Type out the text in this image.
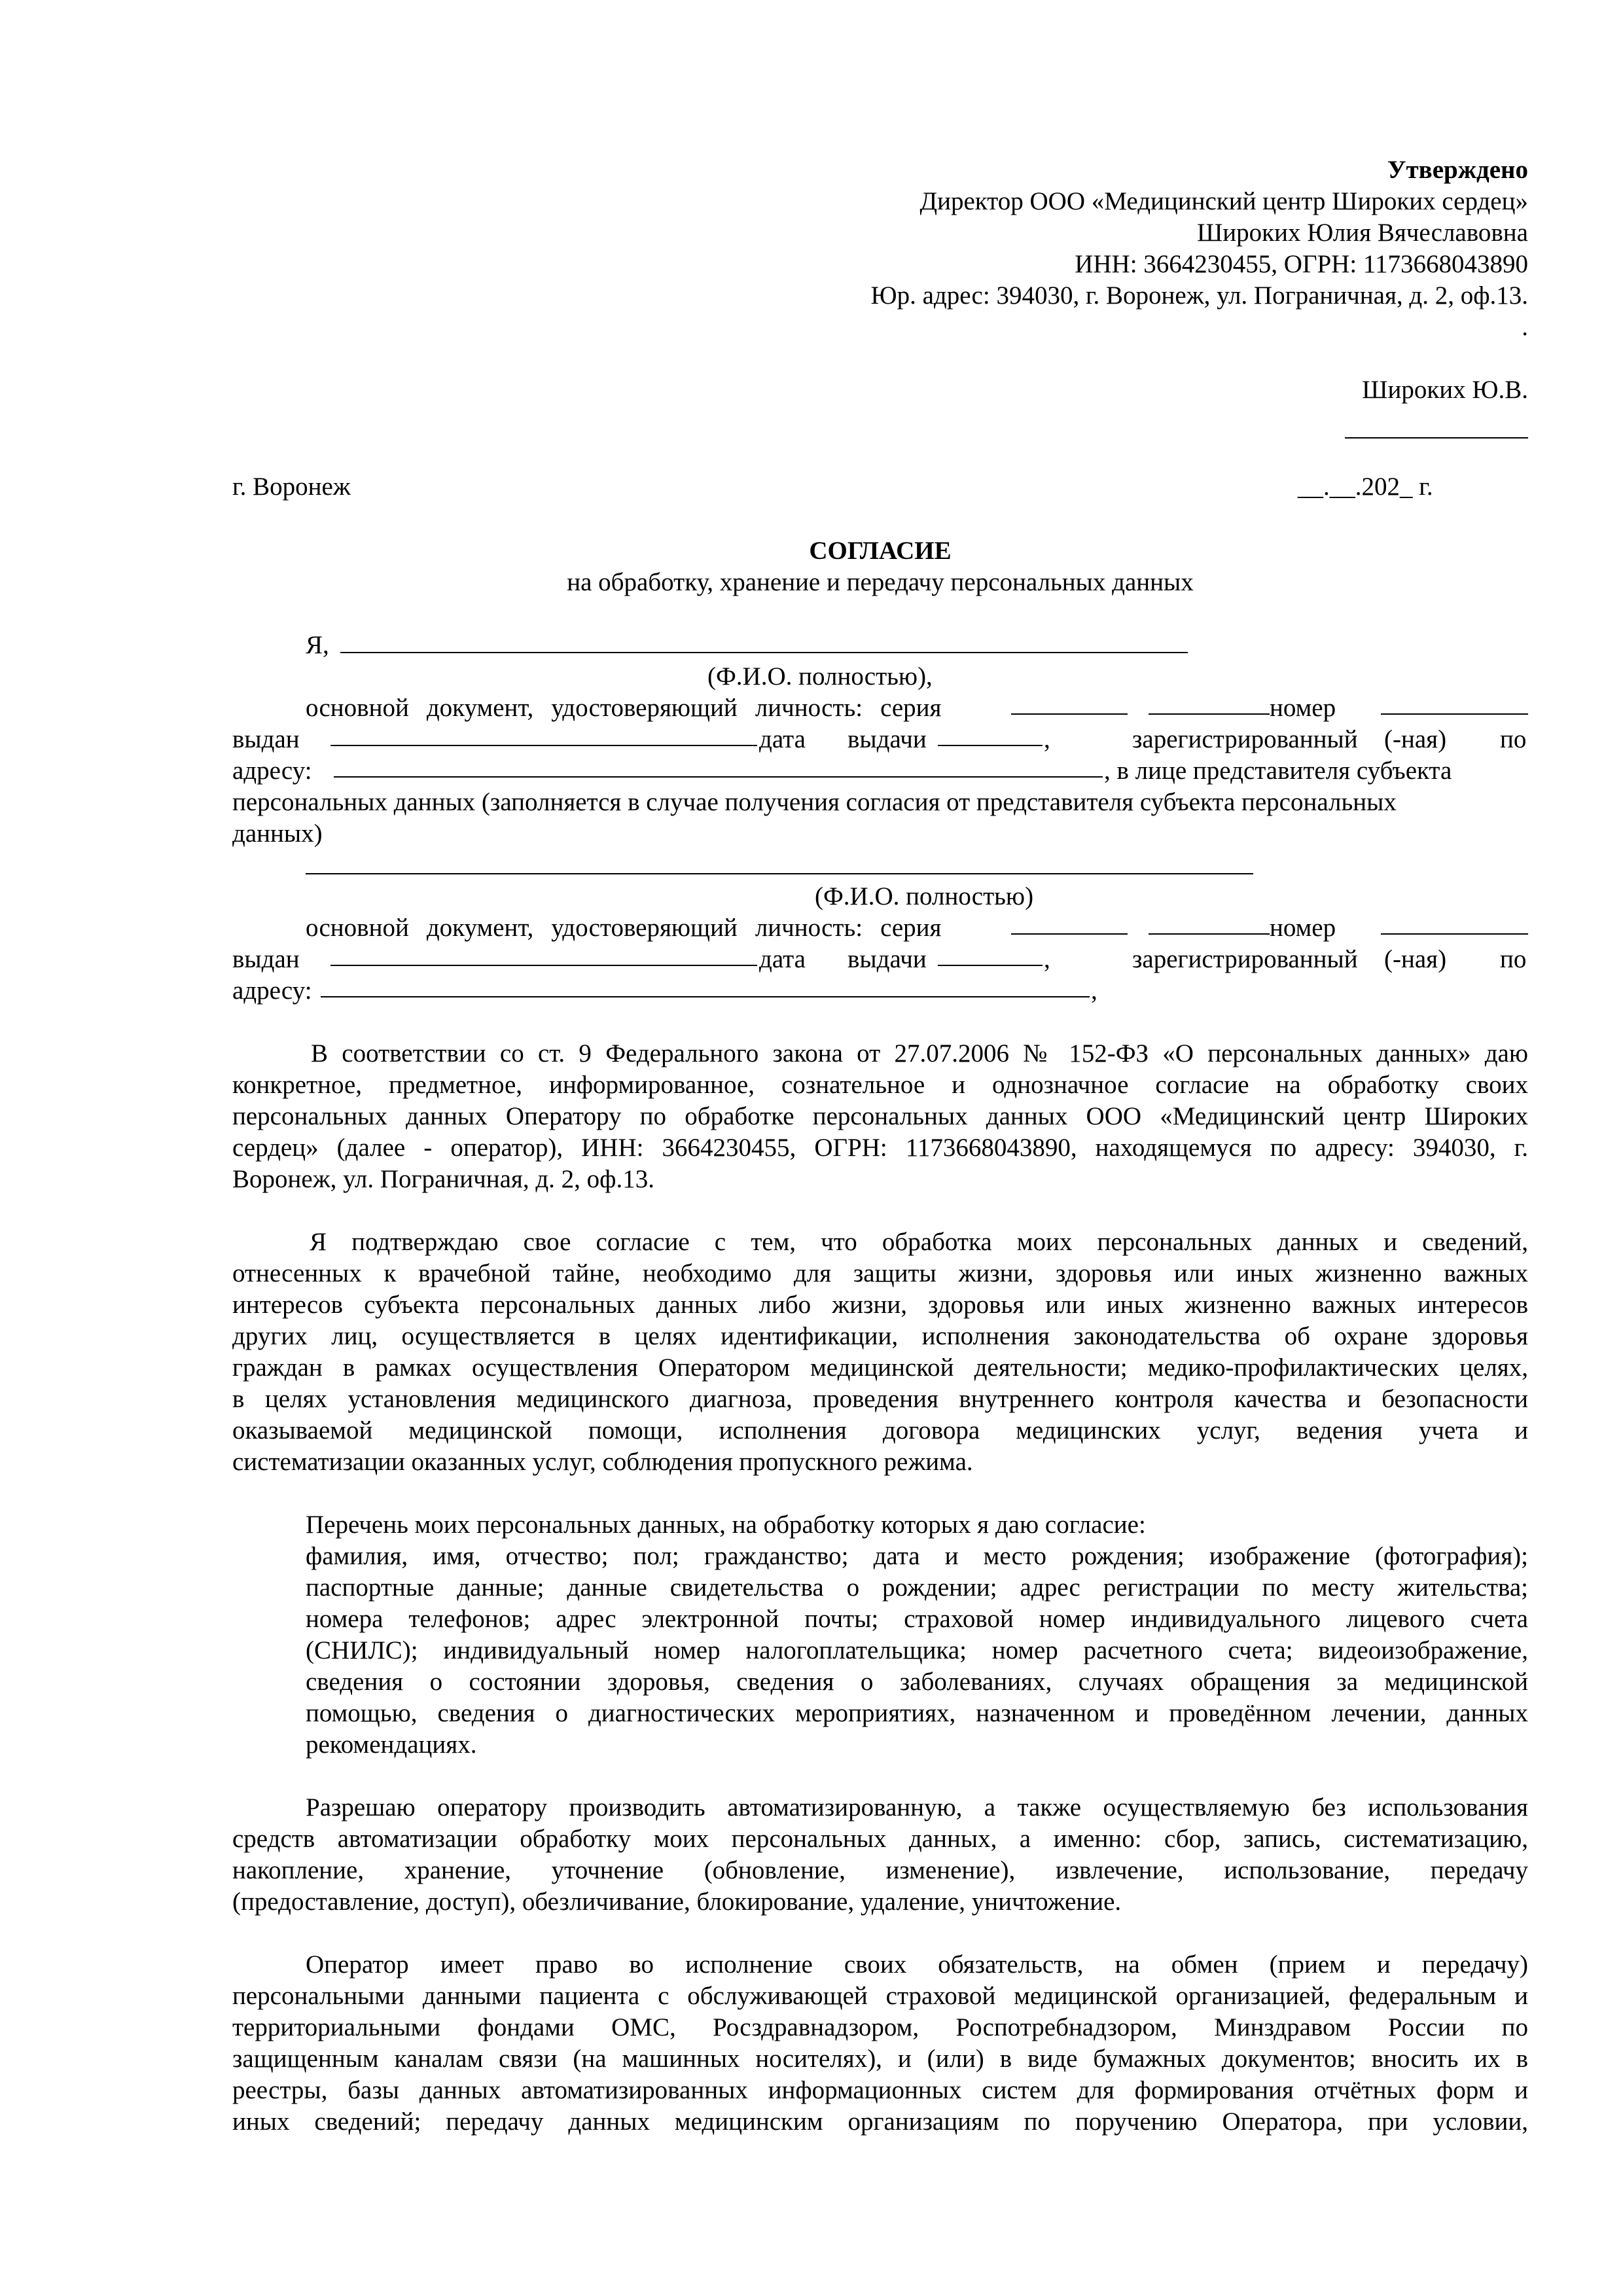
Утверждено
Директор ООО «Медицинский центр Широких сердец»
Широких Юлия Вячеславовна
ИНН: 3664230455, ОГРН: 1173668043890
Юр. адрес: 394030, г. Воронеж, ул. Пограничная, д. 2, оф.13.
.
Широких Ю.В.
г. Воронеж	__.__.202_ г.
СОГЛАСИЕ
на обработку, хранение и передачу персональных данных
Я,
(Ф.И.О. полностью),
основной документ, удостоверяющий личность: серия	номер
выдан	дата выдачи	,	зарегистрированный (-ная) по
адресу:	, в лице представителя субъекта
персональных данных (заполняется в случае получения согласия от представителя субъекта персональных
данных)
(Ф.И.О. полностью)
основной документ, удостоверяющий личность: серия	номер
выдан	дата выдачи	,	зарегистрированный (-ная) по
адресу:	,
В соответствии со ст. 9 Федерального закона от 27.07.2006 № 152-ФЗ «О персональных данных» даю
конкретное, предметное, информированное, сознательное и однозначное согласие на обработку своих
персональных данных Оператору по обработке персональных данных ООО «Медицинский центр Широких
сердец» (далее - оператор), ИНН: 3664230455, ОГРН: 1173668043890, находящемуся по адресу: 394030, г.
Воронеж, ул. Пограничная, д. 2, оф.13.
Я подтверждаю свое согласие с тем, что обработка моих персональных данных и сведений,
отнесенных к врачебной тайне, необходимо для защиты жизни, здоровья или иных жизненно важных
интересов субъекта персональных данных либо жизни, здоровья или иных жизненно важных интересов
других лиц, осуществляется в целях идентификации, исполнения законодательства об охране здоровья
граждан в рамках осуществления Оператором медицинской деятельности; медико-профилактических целях,
в целях установления медицинского диагноза, проведения внутреннего контроля качества и безопасности
оказываемой медицинской помощи, исполнения договора медицинских услуг, ведения учета и
систематизации оказанных услуг, соблюдения пропускного режима.
Перечень моих персональных данных, на обработку которых я даю согласие:
фамилия, имя, отчество; пол; гражданство; дата и место рождения; изображение (фотография);
паспортные данные; данные свидетельства о рождении; адрес регистрации по месту жительства;
номера телефонов; адрес электронной почты; страховой номер индивидуального лицевого счета
(СНИЛС); индивидуальный номер налогоплательщика; номер расчетного счета; видеоизображение,
сведения о состоянии здоровья, сведения о заболеваниях, случаях обращения за медицинской
помощью, сведения о диагностических мероприятиях, назначенном и проведённом лечении, данных
рекомендациях.
Разрешаю оператору производить автоматизированную, а также осуществляемую без использования
средств автоматизации обработку моих персональных данных, а именно: сбор, запись, систематизацию,
накопление, хранение, уточнение (обновление, изменение), извлечение, использование, передачу
(предоставление, доступ), обезличивание, блокирование, удаление, уничтожение.
Оператор имеет право во исполнение своих обязательств, на обмен (прием и передачу)
персональными данными пациента с обслуживающей страховой медицинской организацией, федеральным и
территориальными фондами ОМС, Росздравнадзором, Роспотребнадзором, Минздравом России по
защищенным каналам связи (на машинных носителях), и (или) в виде бумажных документов; вносить их в
реестры, базы данных автоматизированных информационных систем для формирования отчётных форм и
иных сведений; передачу данных медицинским организациям по поручению Оператора, при условии,
